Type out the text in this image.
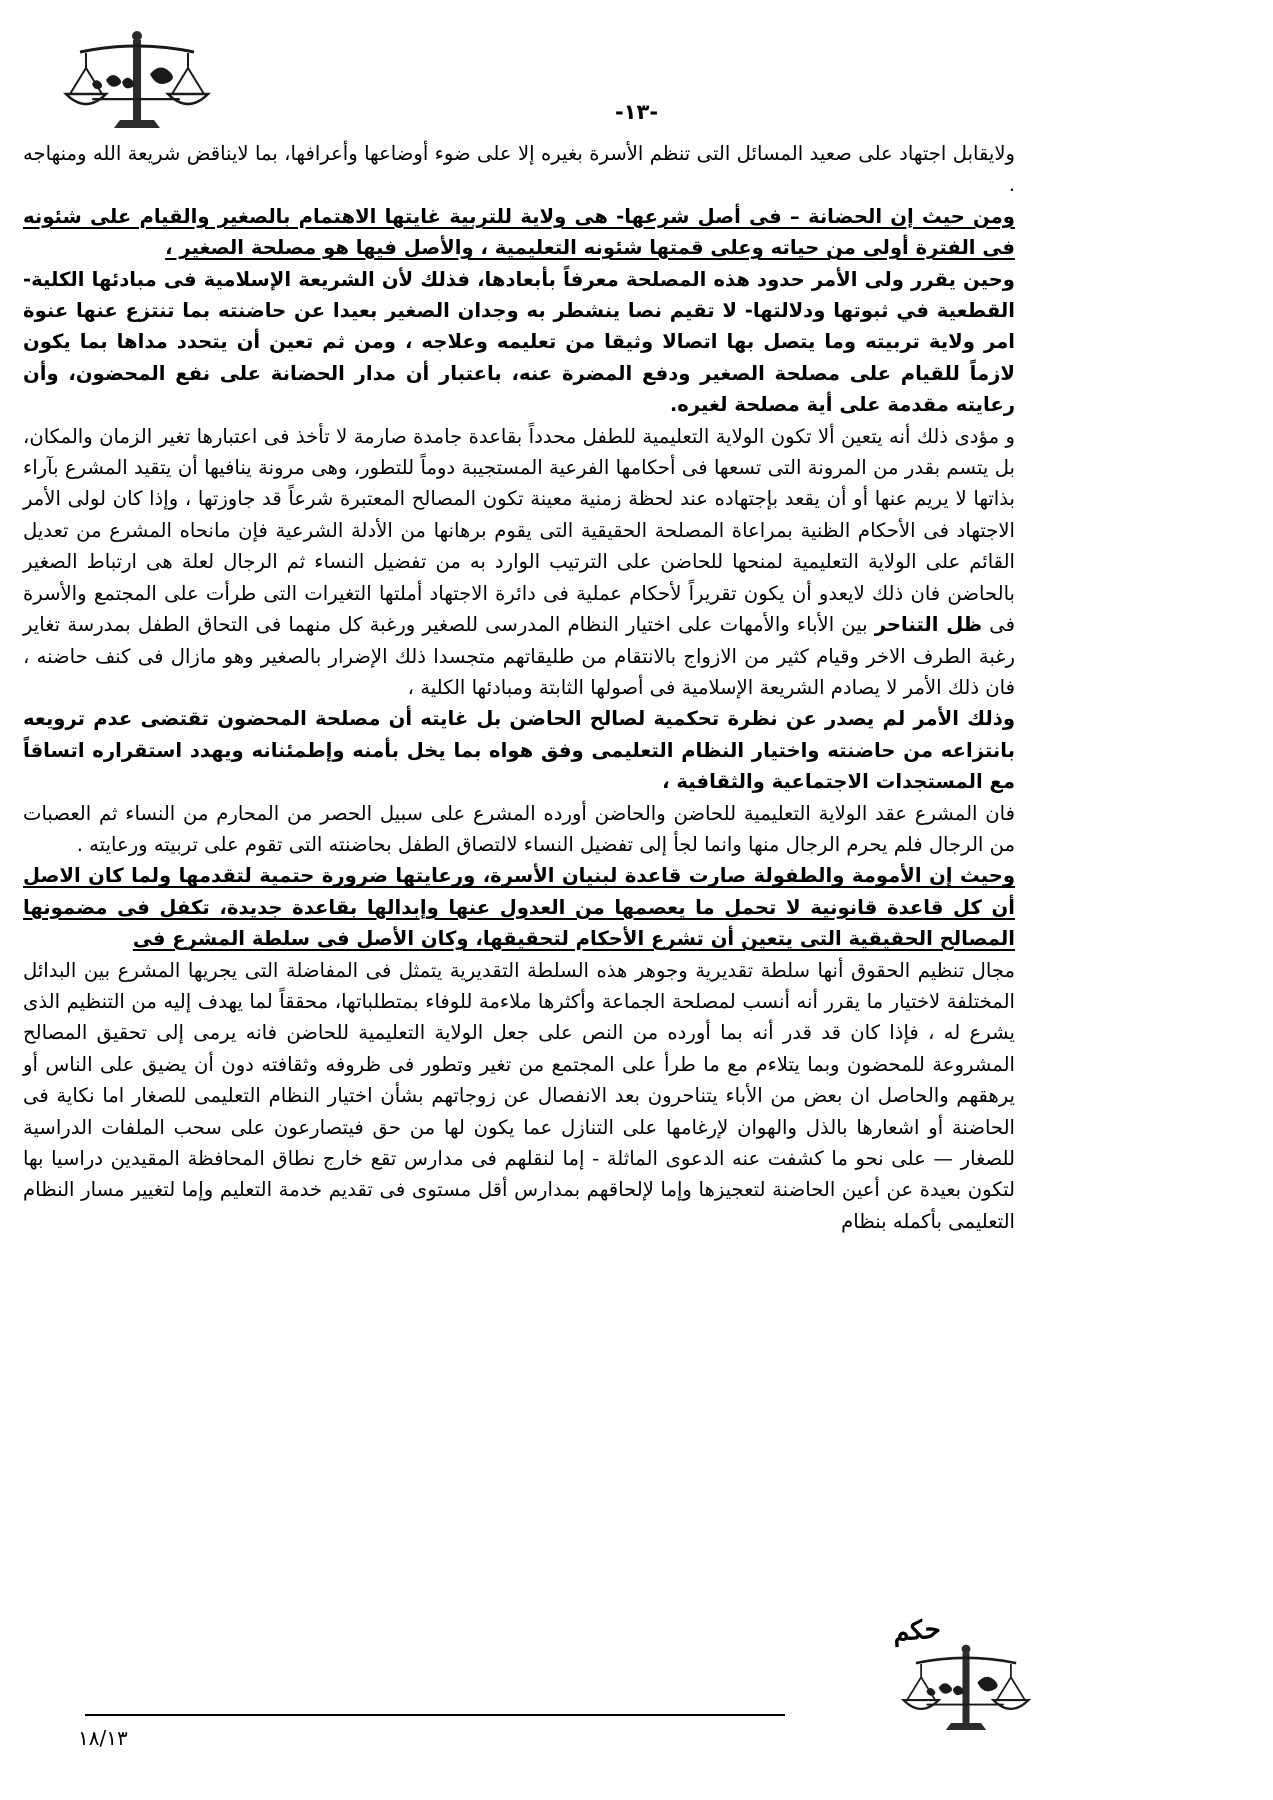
-١٣-

ولايقابل اجتهاد على صعيد المسائل التى تنظم الأسرة بغيره إلا على ضوء أوضاعها وأعرافها، بما لايناقض شريعة الله ومنهاجه .

ومن حيث إن الحضانة – فى أصل شرعها- هى ولاية للتربية غايتها الاهتمام بالصغير والقيام على شئونه فى الفترة أولى من حياته وعلى قمتها شئونه التعليمية ، والأصل فيها هو مصلحة الصغير ،

وحين يقرر ولى الأمر حدود هذه المصلحة معرفاً بأبعادها، فذلك لأن الشريعة الإسلامية فى مبادئها الكلية- القطعية في ثبوتها ودلالتها- لا تقيم نصا ينشطر به وجدان الصغير بعيدا عن حاضنته بما تنتزع عنها عنوة امر ولاية تربيته وما يتصل بها اتصالا وثيقا من تعليمه وعلاجه ، ومن ثم تعين أن يتحدد مداها بما يكون لازماً للقيام على مصلحة الصغير ودفع المضرة عنه، باعتبار أن مدار الحضانة على نفع المحضون، وأن رعايته مقدمة على أية مصلحة لغيره.

و مؤدى ذلك أنه يتعين ألا تكون الولاية التعليمية للطفل محدداً بقاعدة جامدة صارمة لا تأخذ فى اعتبارها تغير الزمان والمكان، بل يتسم بقدر من المرونة التى تسعها فى أحكامها الفرعية المستجيبة دوماً للتطور، وهى مرونة ينافيها أن يتقيد المشرع بآراء بذاتها لا يريم عنها أو أن يقعد بإجتهاده عند لحظة زمنية معينة تكون المصالح المعتبرة شرعاً قد جاوزتها ، وإذا كان لولى الأمر الاجتهاد فى الأحكام الظنية بمراعاة المصلحة الحقيقية التى يقوم برهانها من الأدلة الشرعية فإن مانحاه المشرع من تعديل القائم على الولاية التعليمية لمنحها للحاضن على الترتيب الوارد به من تفضيل النساء ثم الرجال لعلة هى ارتباط الصغير بالحاضن فان ذلك لايعدو أن يكون تقريراً لأحكام عملية فى دائرة الاجتهاد أملتها التغيرات التى طرأت على المجتمع والأسرة فى ظل التناحر بين الأباء والأمهات على اختيار النظام المدرسى للصغير ورغبة كل منهما فى التحاق الطفل بمدرسة تغاير رغبة الطرف الاخر وقيام كثير من الازواج بالانتقام من طليقاتهم متجسدا ذلك الإضرار بالصغير وهو مازال فى كنف حاضنه ، فان ذلك الأمر لا يصادم الشريعة الإسلامية فى أصولها الثابتة ومبادئها الكلية ،

وذلك الأمر لم يصدر عن نظرة تحكمية لصالح الحاضن بل غايته أن مصلحة المحضون تقتضى عدم ترويعه بانتزاعه من حاضنته واختيار النظام التعليمى وفق هواه بما يخل بأمنه وإطمئنانه ويهدد استقراره اتساقاً مع المستجدات الاجتماعية والثقافية ،

فان المشرع عقد الولاية التعليمية للحاضن والحاضن أورده المشرع على سبيل الحصر من المحارم من النساء ثم العصبات من الرجال فلم يحرم الرجال منها وانما لجأ إلى تفضيل النساء لالتصاق الطفل بحاضنته التى تقوم على تربيته ورعايته .

وحيث إن الأمومة والطفولة صارت قاعدة لبنيان الأسرة، ورعايتها ضرورة حتمية لتقدمها ولما كان الاصل أن كل قاعدة قانونية لا تحمل ما يعصمها من العدول عنها وإبدالها بقاعدة جديدة، تكفل فى مضمونها المصالح الحقيقية التى يتعين أن تشرع الأحكام لتحقيقها، وكان الأصل فى سلطة المشرع فى

مجال تنظيم الحقوق أنها سلطة تقديرية وجوهر هذه السلطة التقديرية يتمثل فى المفاضلة التى يجريها المشرع بين البدائل المختلفة لاختيار ما يقرر أنه أنسب لمصلحة الجماعة وأكثرها ملاءمة للوفاء بمتطلباتها، محققاً لما يهدف إليه من التنظيم الذى يشرع له ، فإذا كان قد قدر أنه بما أورده من النص على جعل الولاية التعليمية للحاضن فانه يرمى إلى تحقيق المصالح المشروعة للمحضون وبما يتلاءم مع ما طرأ على المجتمع من تغير وتطور فى ظروفه وثقافته دون أن يضيق على الناس أو يرهقهم والحاصل ان بعض من الأباء يتناحرون بعد الانفصال عن زوجاتهم بشأن اختيار النظام التعليمى للصغار اما نكاية فى الحاضنة أو اشعارها بالذل والهوان لإرغامها على التنازل عما يكون لها من حق فيتصارعون على سحب الملفات الدراسية للصغار — على نحو ما كشفت عنه الدعوى الماثلة - إما لنقلهم فى مدارس تقع خارج نطاق المحافظة المقيدين دراسيا بها لتكون بعيدة عن أعين الحاضنة لتعجيزها وإما لإلحاقهم بمدارس أقل مستوى فى تقديم خدمة التعليم وإما لتغيير مسار النظام التعليمى بأكمله بنظام

حكم
١٨/١٣
